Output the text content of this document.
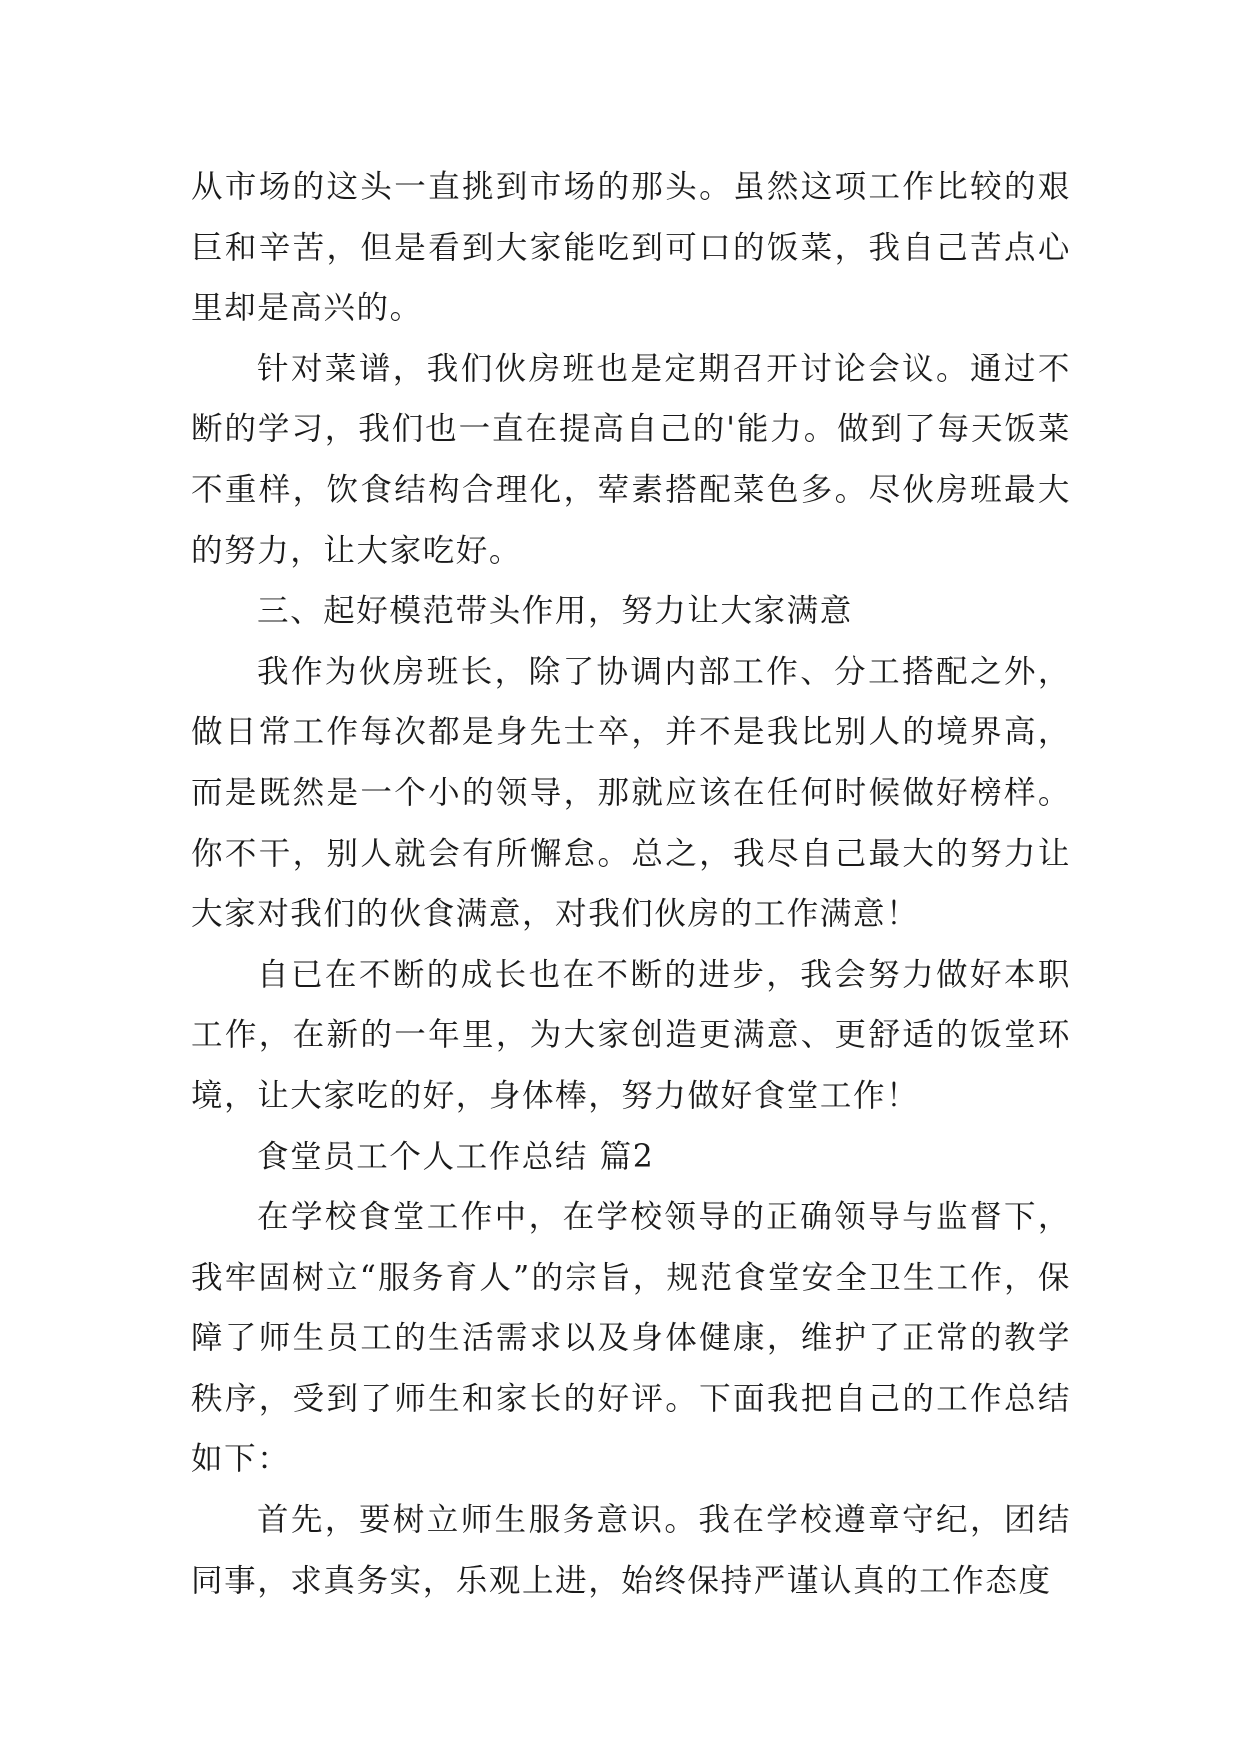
从市场的这头一直挑到市场的那头。虽然这项工作比较的艰巨和辛苦，但是看到大家能吃到可口的饭菜，我自己苦点心里却是高兴的。

针对菜谱，我们伙房班也是定期召开讨论会议。通过不断的学习，我们也一直在提高自己的'能力。做到了每天饭菜不重样，饮食结构合理化，荤素搭配菜色多。尽伙房班最大的努力，让大家吃好。

三、起好模范带头作用，努力让大家满意

我作为伙房班长，除了协调内部工作、分工搭配之外，做日常工作每次都是身先士卒，并不是我比别人的境界高，而是既然是一个小的领导，那就应该在任何时候做好榜样。你不干，别人就会有所懈怠。总之，我尽自己最大的努力让大家对我们的伙食满意，对我们伙房的工作满意！

自已在不断的成长也在不断的进步，我会努力做好本职工作，在新的一年里，为大家创造更满意、更舒适的饭堂环境，让大家吃的好，身体棒，努力做好食堂工作！

食堂员工个人工作总结 篇2

在学校食堂工作中，在学校领导的正确领导与监督下，我牢固树立“服务育人”的宗旨，规范食堂安全卫生工作，保障了师生员工的生活需求以及身体健康，维护了正常的教学秩序，受到了师生和家长的好评。下面我把自己的工作总结如下：

首先，要树立师生服务意识。我在学校遵章守纪，团结同事，求真务实，乐观上进，始终保持严谨认真的工作态度
